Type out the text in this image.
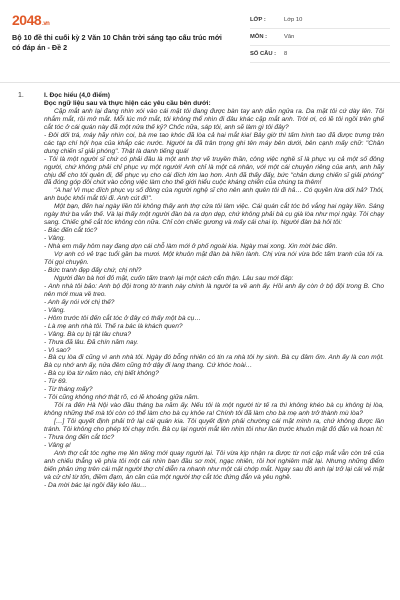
2048.vn
Bộ 10 đề thi cuối kỳ 2 Văn 10 Chân trời sáng tạo cấu trúc mới có đáp án - Đề 2
LỚP :	Lớp 10
MÔN :	Văn
SỐ CÂU :	8
1.	I. Đọc hiểu (4,0 điểm)
Đọc ngữ liệu sau và thực hiện các yêu cầu bên dưới:

Cặp mắt anh lại đang nhìn xói vào cái mặt tôi đang được bàn tay anh dẫn ngửa ra. Da mặt tôi cứ dày lên. Tôi nhắm mắt, rồi mở mắt. Mỗi lúc mở mắt, tôi không thể nhìn đi đâu khác cặp mắt anh. Trời ơi, có lẽ tôi ngồi trên ghế cắt tóc ở cái quán này đã một nửa thế kỷ? Chốc nữa, sáp tôi, anh sẽ làm gì tôi đây?

- Đôi dối trá, máy hãy nhìn coi, bà me tao khóc đã lòa cả hai mắt kia! Bây giờ thì tấm hình tao đã được trưng trên các tạp chí hội họa của khắp các nước. Người ta đã trân trọng ghi tên máy bên dưới, bên cạnh mấy chữ: "Chân dung chiến sĩ giải phóng". Thật là danh tiếng quá!

- Tôi là một người sĩ chứ có phải đâu là một anh thợ vẽ truyền thần, công việc nghề sĩ là phục vụ cả một số đông người, chứ không phải chỉ phục vụ một người! Anh chỉ là một cá nhân, với một cái chuyện riêng của anh, anh hãy chịu để cho tôi quên đi, để phục vụ cho cái đích lớn lao hơn. Anh đã thấy đấy, bức "chân dung chiến sĩ giải phóng" đã đóng góp đôi chút vào công việc làm cho thế giới hiểu cuộc kháng chiến của chúng ta thêm!

"A ha! Vì mục đích phục vụ số đông của người nghệ sĩ cho nên anh quên tôi đi hả… Có quyền lừa dối hả? Thôi, anh buộc khỏi mắt tôi đi. Anh cút đi!".

Một bạn, đến hai ngày liền tôi không thấy anh thợ cửa tôi làm việc. Cái quán cắt tóc bỏ vắng hai ngày liền. Sáng ngày thứ ba vắn thế. Và lại thấy một người đàn bà ra dọn dẹp, chứ không phải bà cụ già lòa như mọi ngày. Tôi chạy sang. Chiếc ghế cắt tóc không còn nữa. Chỉ còn chiếc gương và mấy cái chai lọ. Người đàn bà hỏi tôi:

- Bác đến cắt tóc?

- Vâng.

- Nhà em mấy hôm nay đang dọn cái chỗ làm mới ở phố ngoài kia. Ngày mai xong. Xin mời bác đến.

Vợ anh có vẻ trạc tuổi gần ba mươi. Một khuôn mặt đàn bà hiền lành. Chị vừa nói vừa bốc tấm tranh của tôi ra. Tôi gọi chuyện.

- Bức tranh đẹp đấy chứ, chị nhỉ?

Người đàn bà hơi đỏ mặt, cuốn tấm tranh lại một cách cẩn thận. Lâu sau mới đáp:

- Anh nhà tôi bảo: Anh bộ đội trong tờ tranh này chính là người ta về anh ấy. Hồi anh ấy còn ở bộ đội trong B. Cho nên mới mua về treo.

- Anh ấy nói với chị thế?

- Vâng.

- Hôm trước tôi đến cắt tóc ở đây có thấy một bà cụ…

- Là mẹ anh nhà tôi. Thế ra bác là khách quen?

- Vâng. Bà cụ bị tật lâu chưa?

- Thưa đã lâu. Đã chín năm nay.

- Vì sao?

- Bà cụ lòa đi cũng vì anh nhà tôi. Ngày đó bỗng nhiên có tin ra nhà tôi hy sinh. Bà cụ đâm ốm. Anh ấy là con một. Bà cụ nhớ anh ấy, nửa đêm cũng trở dậy đi lang thang. Cứ khóc hoài…

- Bà cụ lòa từ năm nào, chị biết không?

- Từ 69.

- Từ tháng mấy?

- Tôi cũng không nhớ thật rõ, có lẽ khoảng giữa năm.

Tôi ra đến Hà Nội vào đầu tháng ba năm ấy. Nếu tôi là một người từ tế ra thì không khéo bà cụ không bị lòa, không những thế mà tôi còn có thể làm cho bà cụ khỏe ra! Chính tôi đã làm cho bà mẹ anh trở thành mù lòa?

[…] Tôi quyết định phải trở lại cái quán kia. Tôi quyết định phải chường cái mặt mình ra, chứ không được lần tránh. Tôi không cho phép tôi chạy trốn. Bà cụ lại người mắt lên nhìn tôi như lần trước khuôn mặt đỏ đắn và hoan hỉ:

- Thưa ông đến cắt tóc?

- Vâng ạ!

Anh thợ cắt tóc nghe mẹ lên tiếng mới quay người lại. Tôi vừa kịp nhận ra được từ nơi cặp mắt vẫn còn trẻ của anh chiếu thẳng về phía tôi một cái nhìn ban đầu sơ mời, ngạc nhiên, rồi hơi nghiêm mặt lại. Nhưng những điểm biến phản ứng trên cái mặt người thợ chỉ diễn ra nhanh như một cái chớp mắt. Ngay sau đó anh lại trở lại cái vẻ mặt và cử chỉ từ tốn, điềm đạm, ân cần của một người thợ cắt tóc đứng đắn và yêu nghề.

- Da mời bác lại ngồi đây kẻo lâu…
